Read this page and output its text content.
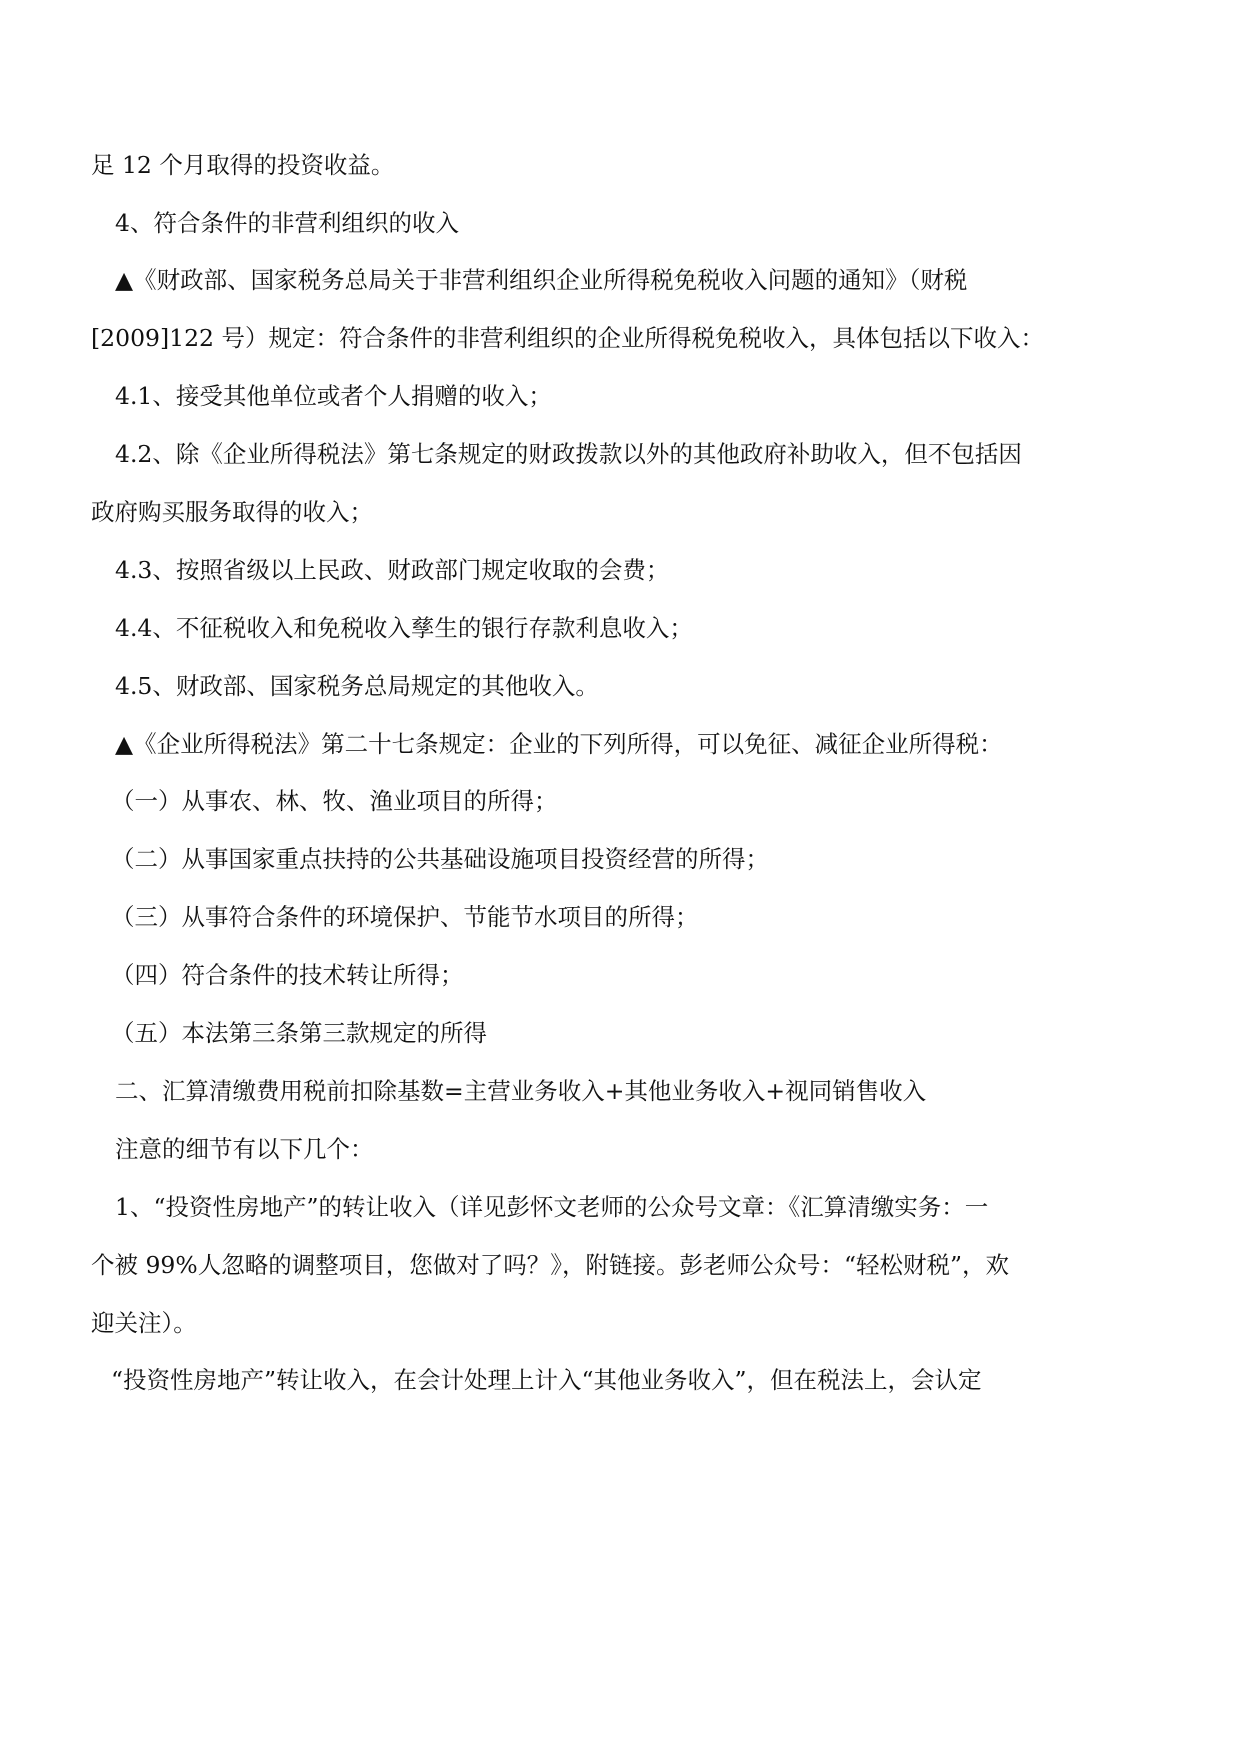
足 12 个月取得的投资收益。
4、符合条件的非营利组织的收入
▲《财政部、国家税务总局关于非营利组织企业所得税免税收入问题的通知》（财税
[2009]122 号）规定：符合条件的非营利组织的企业所得税免税收入，具体包括以下收入：
4.1、接受其他单位或者个人捐赠的收入；
4.2、除《企业所得税法》第七条规定的财政拨款以外的其他政府补助收入，但不包括因
政府购买服务取得的收入；
4.3、按照省级以上民政、财政部门规定收取的会费；
4.4、不征税收入和免税收入孳生的银行存款利息收入；
4.5、财政部、国家税务总局规定的其他收入。
▲《企业所得税法》第二十七条规定：企业的下列所得，可以免征、减征企业所得税：
（一）从事农、林、牧、渔业项目的所得；
（二）从事国家重点扶持的公共基础设施项目投资经营的所得；
（三）从事符合条件的环境保护、节能节水项目的所得；
（四）符合条件的技术转让所得；
（五）本法第三条第三款规定的所得
二、汇算清缴费用税前扣除基数=主营业务收入+其他业务收入+视同销售收入
注意的细节有以下几个：
1、“投资性房地产”的转让收入（详见彭怀文老师的公众号文章：《汇算清缴实务：一
个被 99%人忽略的调整项目，您做对了吗？》，附链接。彭老师公众号：“轻松财税”，欢
迎关注）。
“投资性房地产”转让收入，在会计处理上计入“其他业务收入”，但在税法上，会认定
